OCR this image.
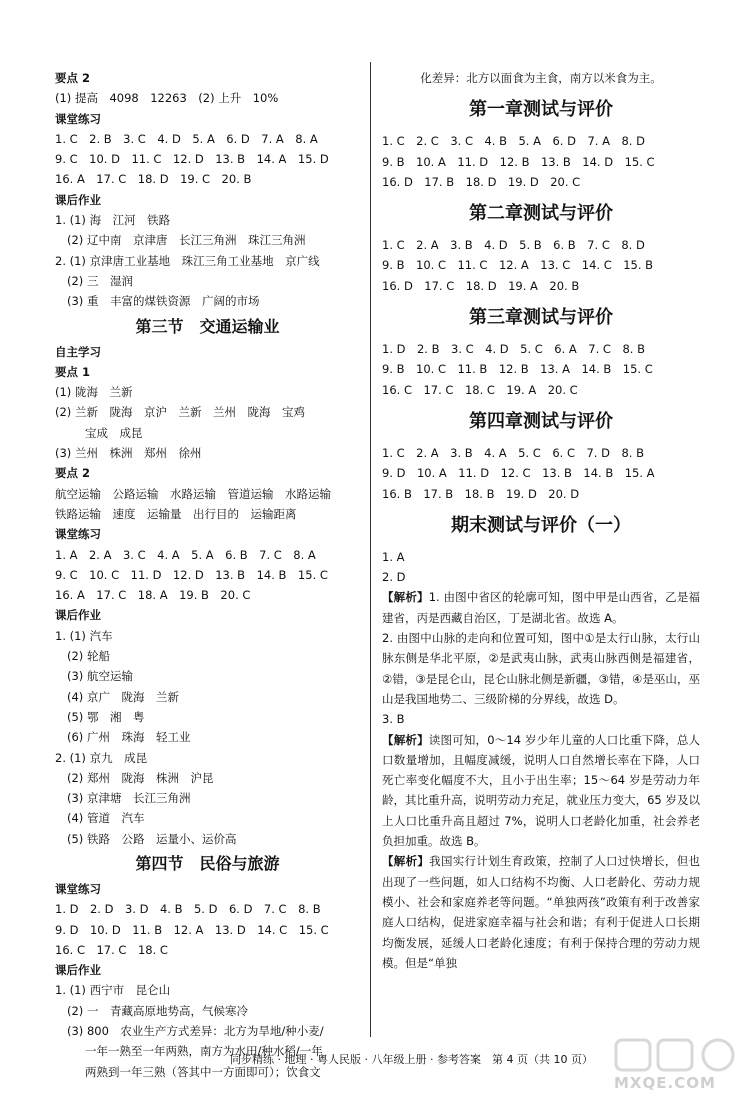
要点 2
(1) 提高　4098　12263　(2) 上升　10%
课堂练习
1. C　2. B　3. C　4. D　5. A　6. D　7. A　8. A
9. C　10. D　11. C　12. D　13. B　14. A　15. D
16. A　17. C　18. D　19. C　20. B
课后作业
1. (1) 海　江河　铁路
(2) 辽中南　京津唐　长江三角洲　珠江三角洲
2. (1) 京津唐工业基地　珠江三角工业基地　京广线
(2) 三　湿润
(3) 重　丰富的煤铁资源　广阔的市场
第三节　交通运输业
自主学习
要点 1
(1) 陇海　兰新
(2) 兰新　陇海　京沪　兰新　兰州　陇海　宝鸡
宝成　成昆
(3) 兰州　株洲　郑州　徐州
要点 2
航空运输　公路运输　水路运输　管道运输　水路运输
铁路运输　速度　运输量　出行目的　运输距离
课堂练习
1. A　2. A　3. C　4. A　5. A　6. B　7. C　8. A
9. C　10. C　11. D　12. D　13. B　14. B　15. C
16. A　17. C　18. A　19. B　20. C
课后作业
1. (1) 汽车
(2) 轮船
(3) 航空运输
(4) 京广　陇海　兰新
(5) 鄂　湘　粤
(6) 广州　珠海　轻工业
2. (1) 京九　成昆
(2) 郑州　陇海　株洲　沪昆
(3) 京津塘　长江三角洲
(4) 管道　汽车
(5) 铁路　公路　运量小、运价高
第四节　民俗与旅游
课堂练习
1. D　2. D　3. D　4. B　5. D　6. D　7. C　8. B
9. D　10. D　11. B　12. A　13. D　14. C　15. C
16. C　17. C　18. C
课后作业
1. (1) 西宁市　昆仑山
(2) 一　青藏高原地势高，气候寒冷
(3) 800　农业生产方式差异：北方为旱地/种小麦/
一年一熟至一年两熟，南方为水田/种水稻/一年
两熟到一年三熟（答其中一方面即可）；饮食文
化差异：北方以面食为主食，南方以米食为主。
第一章测试与评价
1. C　2. C　3. C　4. B　5. A　6. D　7. A　8. D
9. B　10. A　11. D　12. B　13. B　14. D　15. C
16. D　17. B　18. D　19. D　20. C
第二章测试与评价
1. C　2. A　3. B　4. D　5. B　6. B　7. C　8. D
9. B　10. C　11. C　12. A　13. C　14. C　15. B
16. D　17. C　18. D　19. A　20. B
第三章测试与评价
1. D　2. B　3. C　4. D　5. C　6. A　7. C　8. B
9. B　10. C　11. B　12. B　13. A　14. B　15. C
16. C　17. C　18. C　19. A　20. C
第四章测试与评价
1. C　2. A　3. B　4. A　5. C　6. C　7. D　8. B
9. D　10. A　11. D　12. C　13. B　14. B　15. A
16. B　17. B　18. B　19. D　20. D
期末测试与评价（一）
1. A
2. D
【解析】1. 由图中省区的轮廓可知，图中甲是山西省，乙是福建省，丙是西藏自治区，丁是湖北省。故选 A。
2. 由图中山脉的走向和位置可知，图中①是太行山脉，太行山脉东侧是华北平原，②是武夷山脉，武夷山脉西侧是福建省，②错，③是昆仑山，昆仑山脉北侧是新疆，③错，④是巫山，巫山是我国地势二、三级阶梯的分界线，故选 D。
3. B
【解析】读图可知，0～14 岁少年儿童的人口比重下降，总人口数量增加，且幅度减缓，说明人口自然增长率在下降，人口死亡率变化幅度不大，且小于出生率；15～64 岁是劳动力年龄，其比重升高，说明劳动力充足，就业压力变大，65 岁及以上人口比重升高且超过 7%，说明人口老龄化加重，社会养老负担加重。故选 B。
【解析】我国实行计划生育政策，控制了人口过快增长，但也出现了一些问题，如人口结构不均衡、人口老龄化、劳动力规模小、社会和家庭养老等问题。“单独两孩”政策有利于改善家庭人口结构，促进家庭幸福与社会和谐；有利于促进人口长期均衡发展，延缓人口老龄化速度；有利于保持合理的劳动力规模。但是“单独
同步精练 · 地理 · 粤人民版 · 八年级上册 · 参考答案　第 4 页（共 10 页）
MXQE.COM
